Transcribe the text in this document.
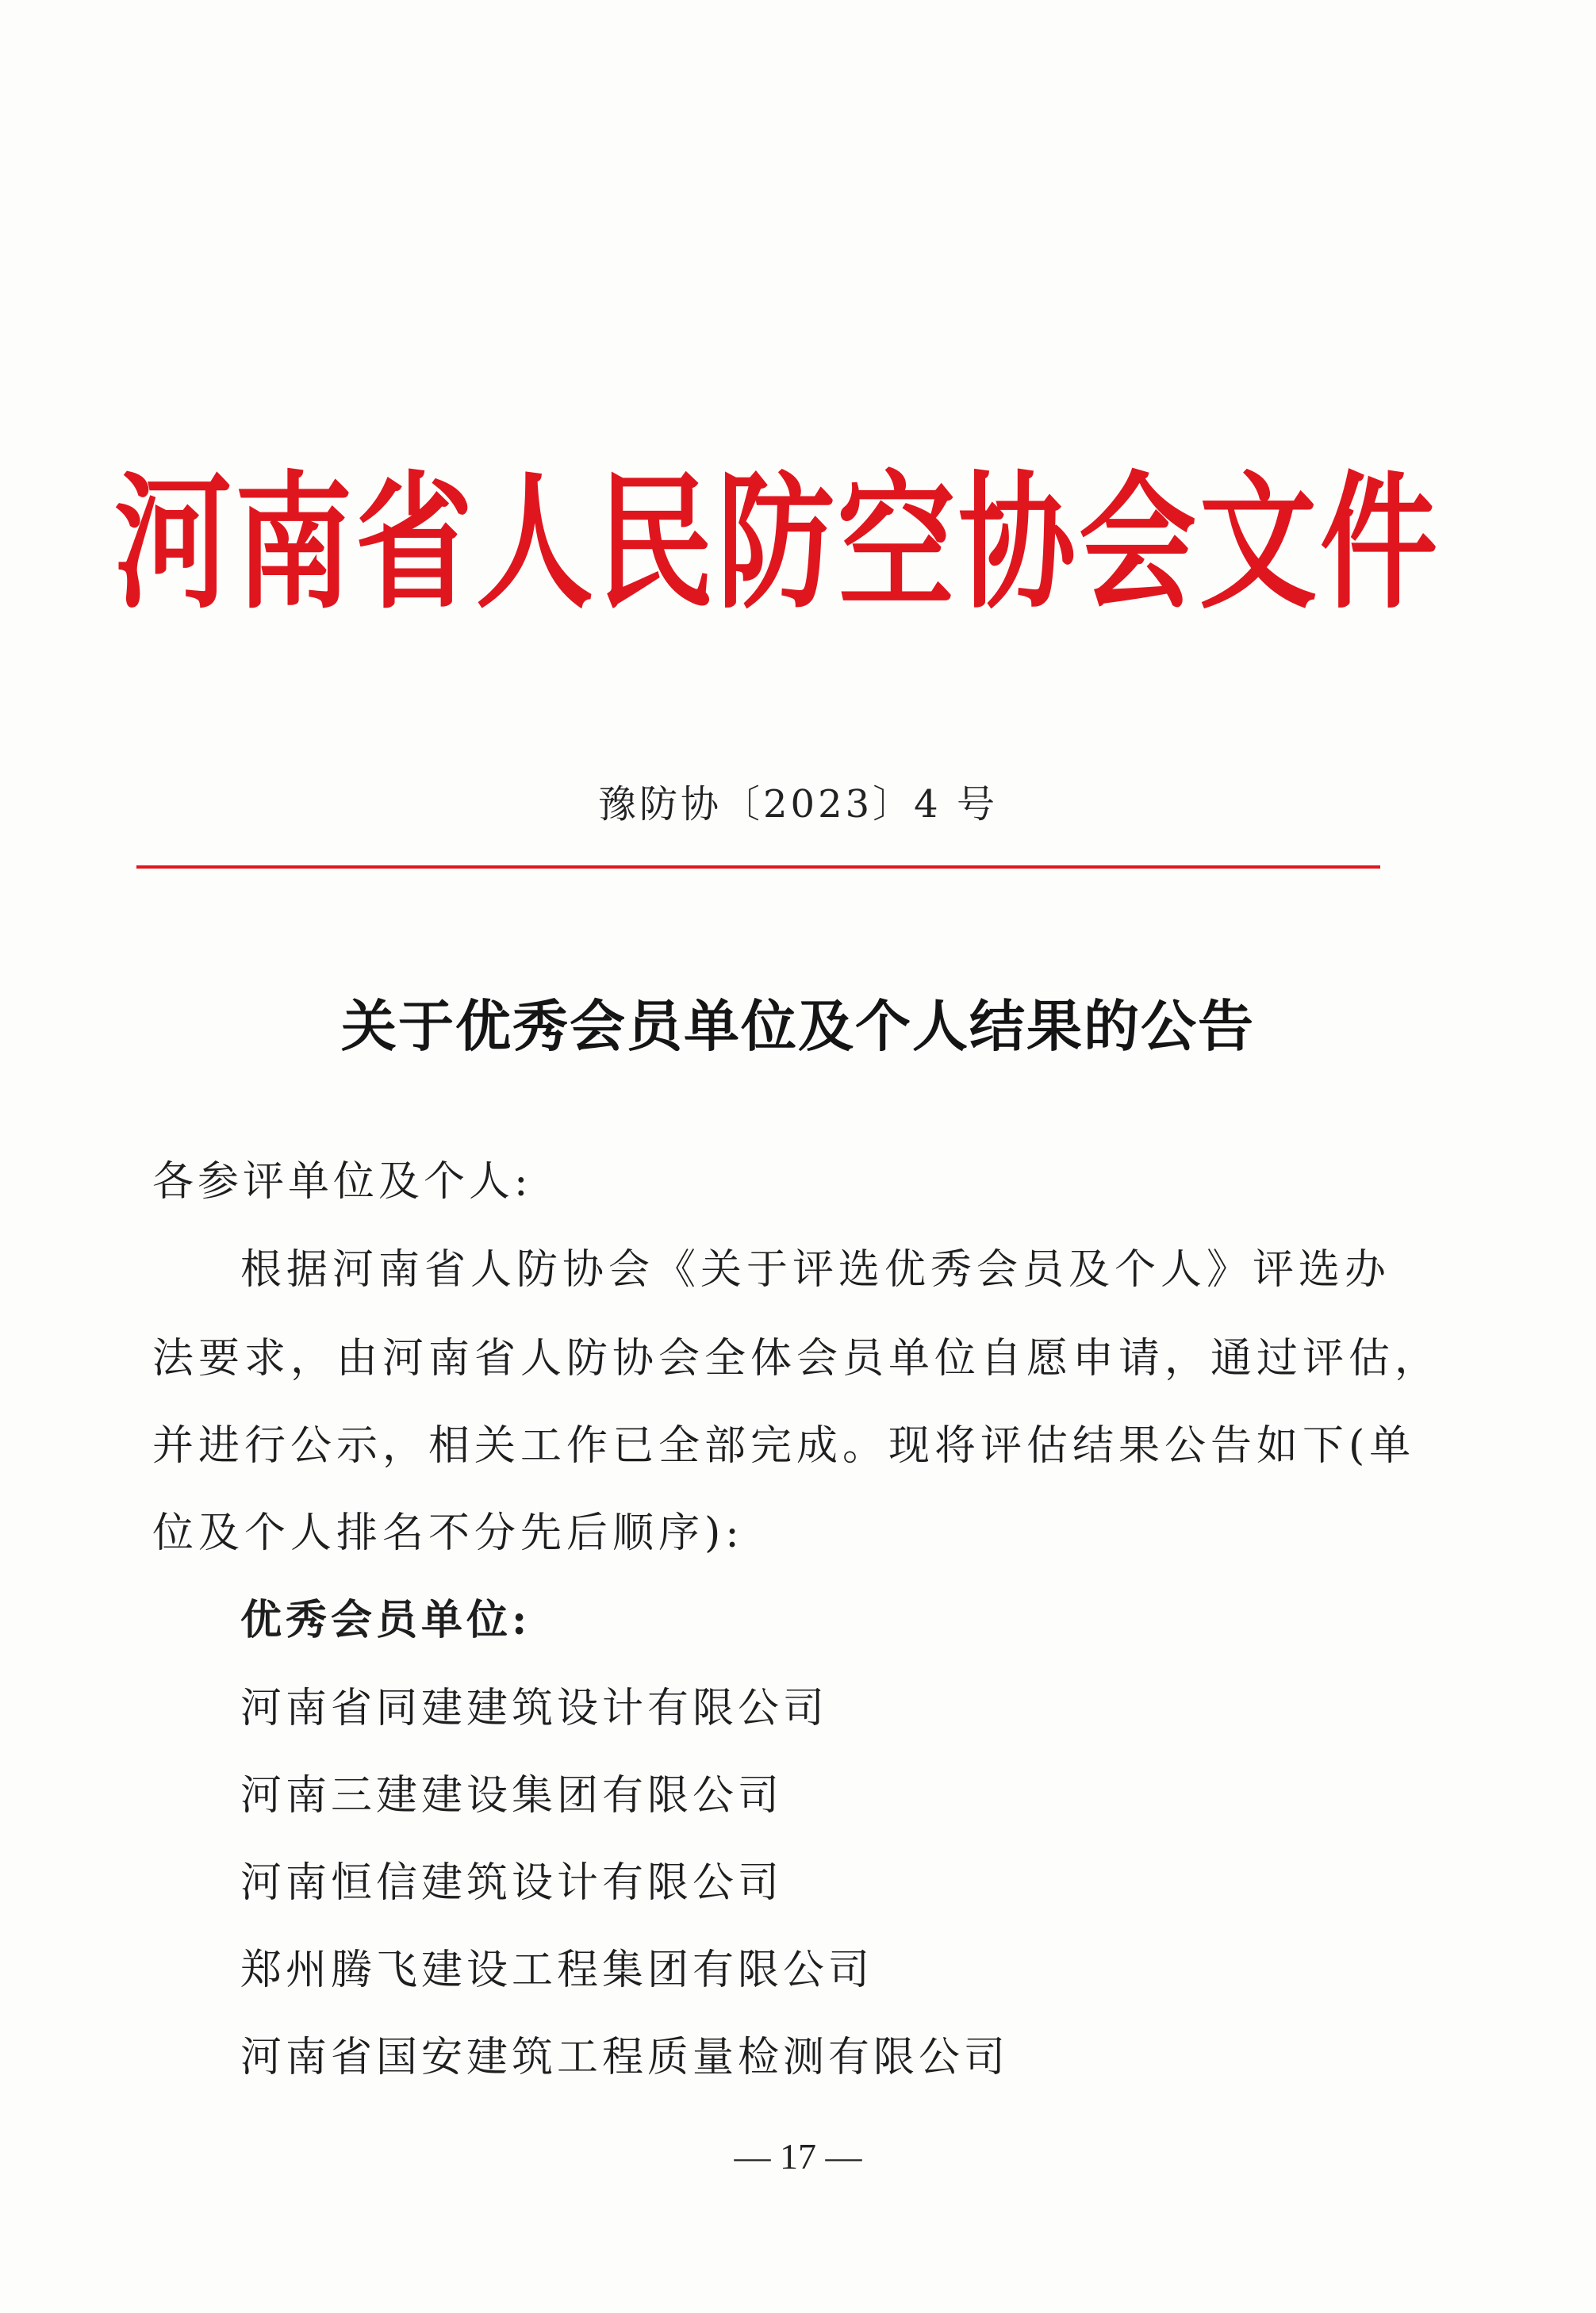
河南省人民防空协会文件
豫防协〔2023〕4 号
关于优秀会员单位及个人结果的公告
各参评单位及个人:
根据河南省人防协会《关于评选优秀会员及个人》评选办
法要求，由河南省人防协会全体会员单位自愿申请，通过评估，
并进行公示，相关工作已全部完成。现将评估结果公告如下(单
位及个人排名不分先后顺序):
优秀会员单位:
河南省同建建筑设计有限公司
河南三建建设集团有限公司
河南恒信建筑设计有限公司
郑州腾飞建设工程集团有限公司
河南省国安建筑工程质量检测有限公司
— 17 —
